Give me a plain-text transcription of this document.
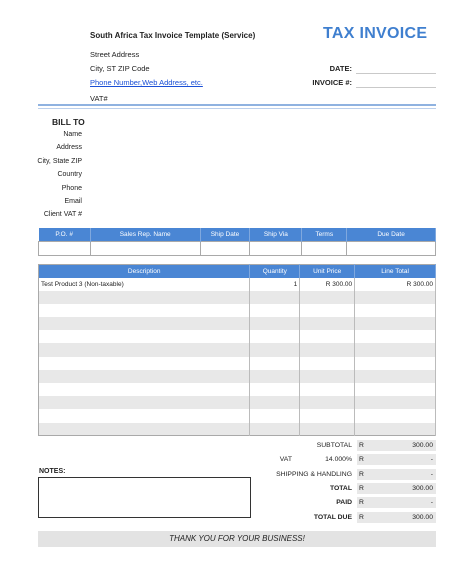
South Africa Tax Invoice Template (Service)	TAX INVOICE
Street Address
City, ST ZIP Code
Phone Number,Web Address, etc.
VAT#
DATE:
INVOICE #:
BILL TO
Name
Address
City, State ZIP
Country
Phone
Email
Client VAT #
P.O. #	Sales Rep. Name	Ship Date	Ship Via	Terms	Due Date

Description	Quantity	Unit Price	Line Total
Test Product 3 (Non-taxable)	1	R 300.00	R 300.00

SUBTOTAL R	300.00
VAT	14.000% R	-
SHIPPING & HANDLING R	-
TOTAL R	300.00
PAID R	-
TOTAL DUE R	300.00
NOTES:
THANK YOU FOR YOUR BUSINESS!
